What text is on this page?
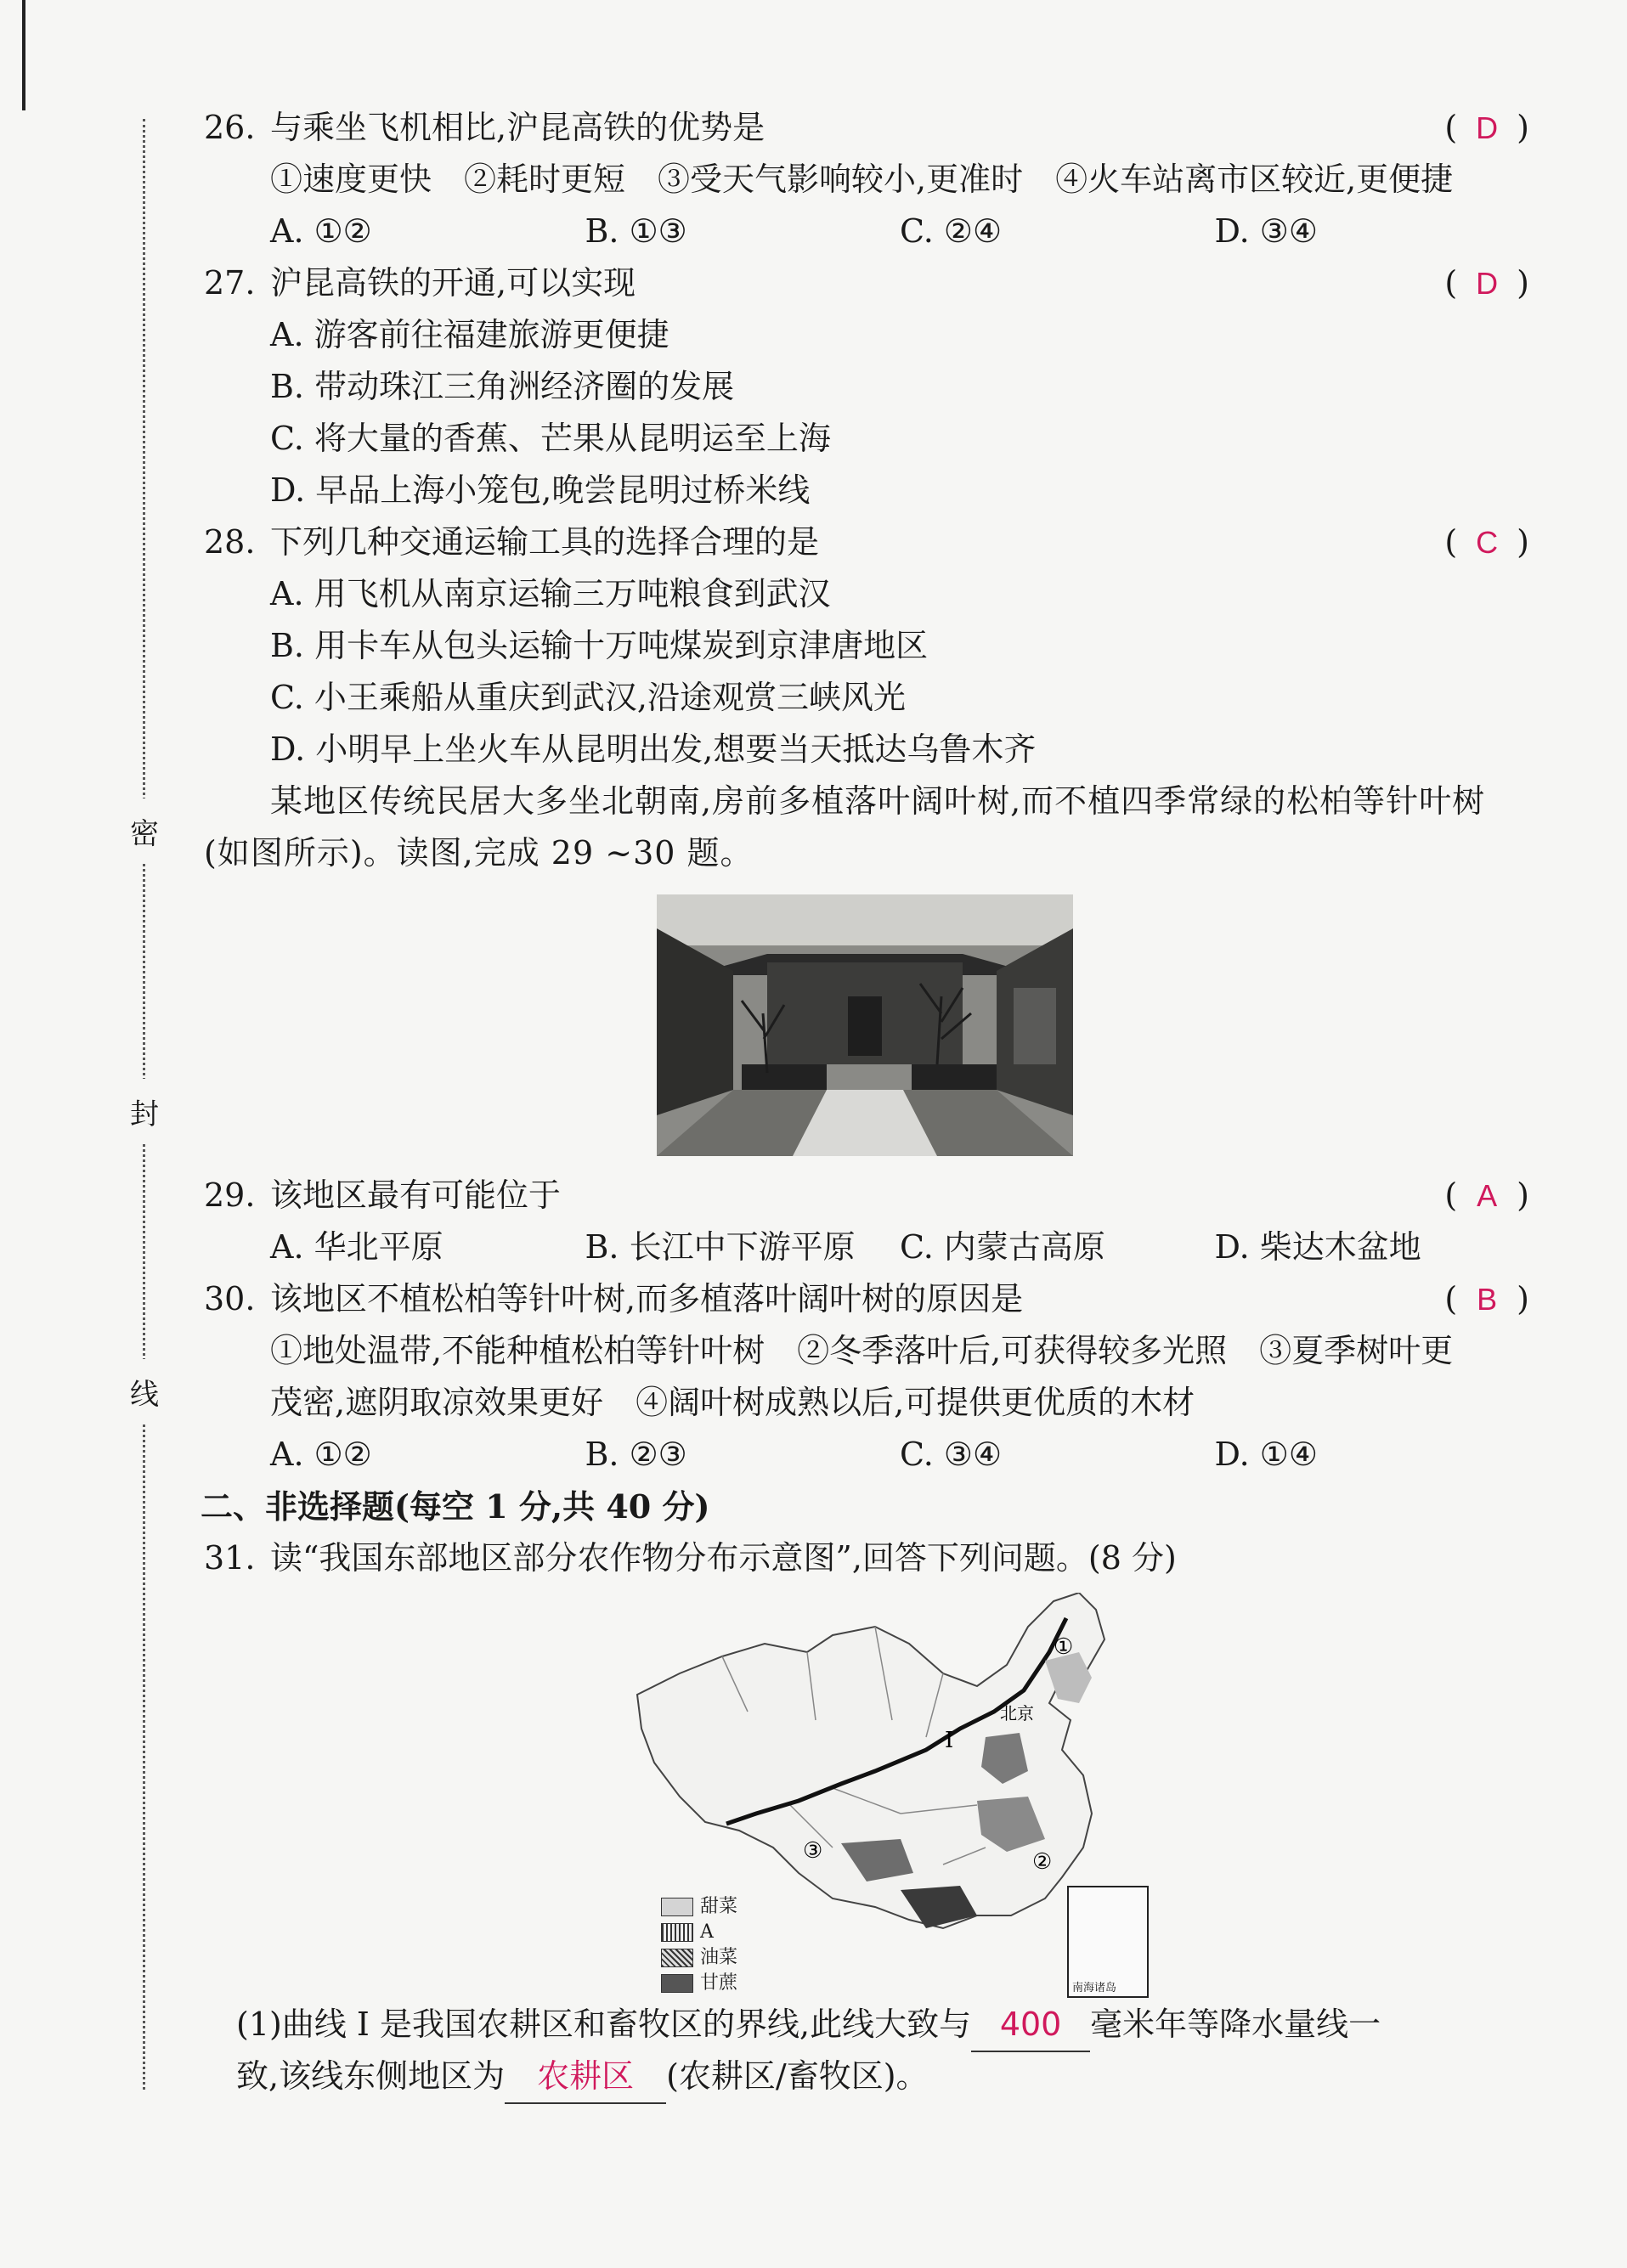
密
封
线
26. 与乘坐飞机相比,沪昆高铁的优势是	( D )
①速度更快　②耗时更短　③受天气影响较小,更准时　④火车站离市区较近,更便捷
A. ①②	B. ①③	C. ②④	D. ③④
27. 沪昆高铁的开通,可以实现	( D )
A. 游客前往福建旅游更便捷
B. 带动珠江三角洲经济圈的发展
C. 将大量的香蕉、芒果从昆明运至上海
D. 早品上海小笼包,晚尝昆明过桥米线
28. 下列几种交通运输工具的选择合理的是	( C )
A. 用飞机从南京运输三万吨粮食到武汉
B. 用卡车从包头运输十万吨煤炭到京津唐地区
C. 小王乘船从重庆到武汉,沿途观赏三峡风光
D. 小明早上坐火车从昆明出发,想要当天抵达乌鲁木齐
某地区传统民居大多坐北朝南,房前多植落叶阔叶树,而不植四季常绿的松柏等针叶树(如图所示)。读图,完成 29 ~30 题。
29. 该地区最有可能位于	( A )
A. 华北平原	B. 长江中下游平原	C. 内蒙古高原	D. 柴达木盆地
30. 该地区不植松柏等针叶树,而多植落叶阔叶树的原因是	( B )
①地处温带,不能种植松柏等针叶树　②冬季落叶后,可获得较多光照　③夏季树叶更
茂密,遮阴取凉效果更好　④阔叶树成熟以后,可提供更优质的木材
A. ①②	B. ②③	C. ③④	D. ①④
二、非选择题(每空 1 分,共 40 分)
31. 读“我国东部地区部分农作物分布示意图”,回答下列问题。(8 分)
北京
I
①
②
③
甜菜
A
油菜
甘蔗	南海诸岛
(1)曲线 I 是我国农耕区和畜牧区的界线,此线大致与 400 毫米年等降水量线一
致,该线东侧地区为 农耕区 (农耕区/畜牧区)。
